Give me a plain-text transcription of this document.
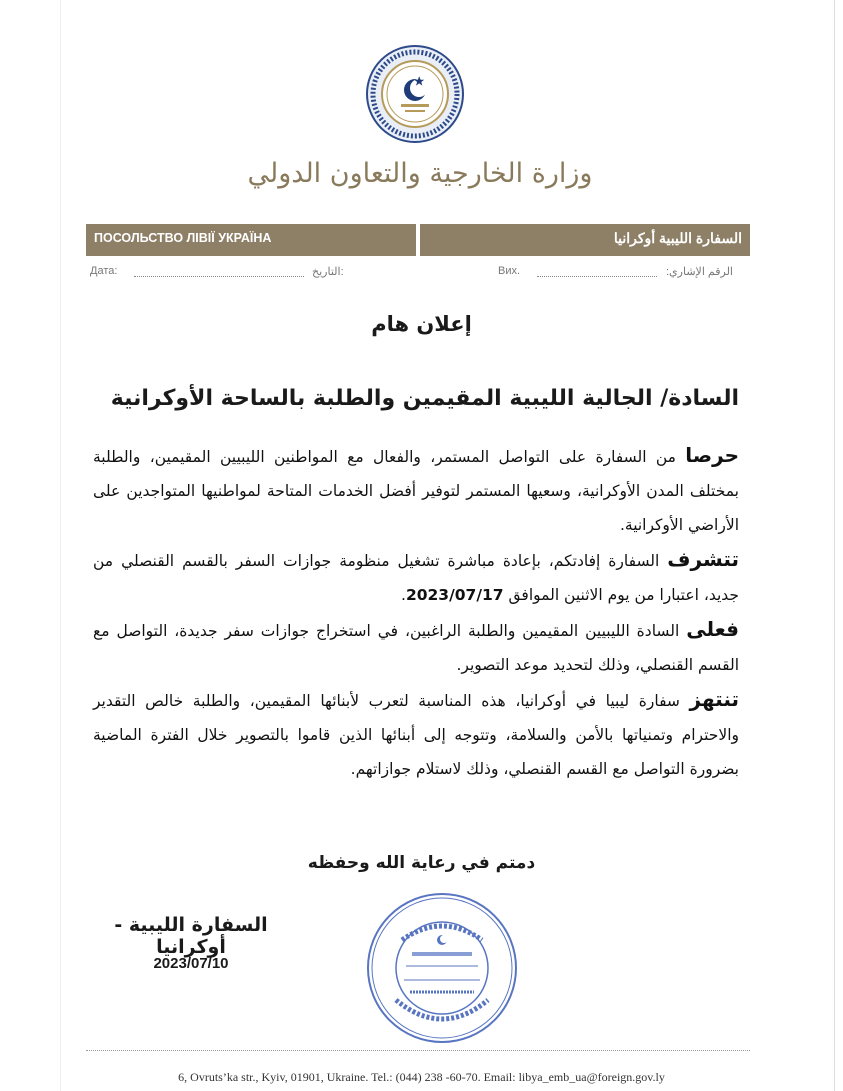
وزارة الخارجية والتعاون الدولي
ПОСОЛЬСТВО ЛІВІЇ УКРАЇНА	السفارة الليبية أوكرانيا
Дата:	التاريخ:	Вих.	الرقم الإشاري:
إعلان هام
السادة/ الجالية الليبية المقيمين والطلبة بالساحة الأوكرانية

حرصا من السفارة على التواصل المستمر، والفعال مع المواطنين الليبيين المقيمين، والطلبة بمختلف المدن الأوكرانية، وسعيها المستمر لتوفير أفضل الخدمات المتاحة لمواطنيها المتواجدين على الأراضي الأوكرانية.

تتشرف السفارة إفادتكم، بإعادة مباشرة تشغيل منظومة جوازات السفر بالقسم القنصلي من جديد، اعتبارا من يوم الاثنين الموافق 2023/07/17.

فعلى السادة الليبيين المقيمين والطلبة الراغبين، في استخراج جوازات سفر جديدة، التواصل مع القسم القنصلي، وذلك لتحديد موعد التصوير.

تنتهز سفارة ليبيا في أوكرانيا، هذه المناسبة لتعرب لأبنائها المقيمين، والطلبة خالص التقدير والاحترام وتمنياتها بالأمن والسلامة، وتتوجه إلى أبنائها الذين قاموا بالتصوير خلال الفترة الماضية بضرورة التواصل مع القسم القنصلي، وذلك لاستلام جوازاتهم.

دمتم في رعاية الله وحفظه
السفارة الليبية - أوكرانيا
2023/07/10
6, Ovruts’ka str., Kyiv, 01901, Ukraine. Tel.: (044) 238 -60-70. Email: libya_emb_ua@foreign.gov.ly
